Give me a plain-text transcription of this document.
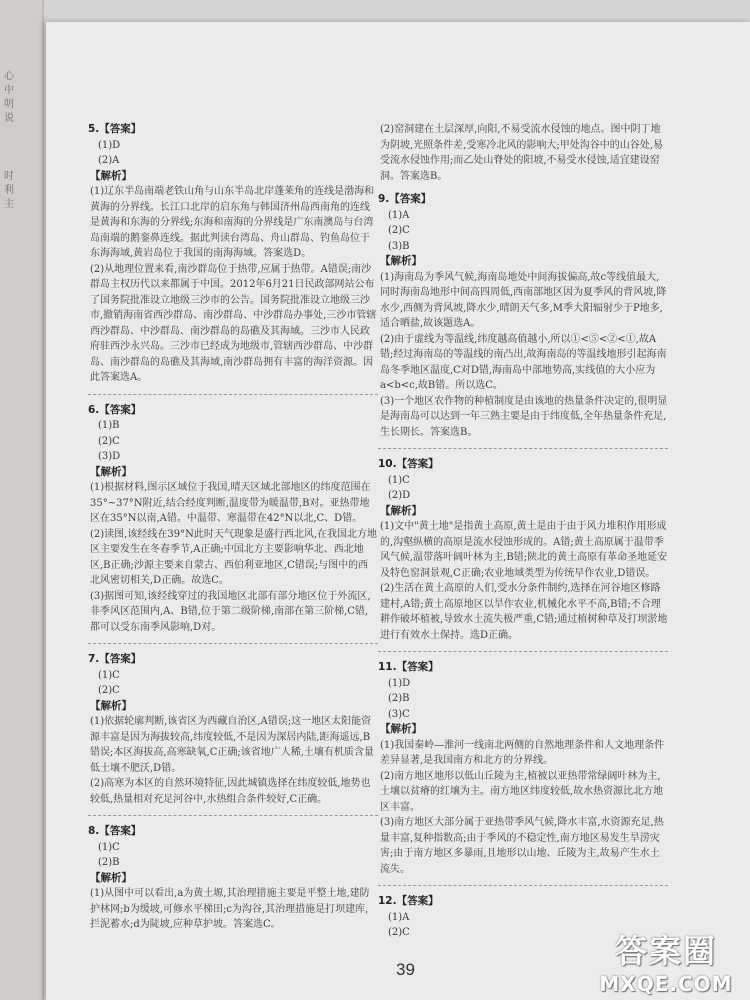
心
中
明
说
时
利
主
5.【答案】
(1)D
(2)A
【解析】
(1)辽东半岛南端老铁山角与山东半岛北岸蓬莱角的连线是渤海和黄海的分界线。长江口北岸的启东角与韩国济州岛西南角的连线是黄海和东海的分界线;东海和南海的分界线是广东南澳岛与台湾岛南端的鹅銮鼻连线。据此判读台湾岛、舟山群岛、钓鱼岛位于东海海域,黄岩岛位于我国的南海海域。答案选D。
(2)从地理位置来看,南沙群岛位于热带,应属于热带。A错误;南沙群岛主权历代以来都属于中国。2012年6月21日民政部网站公布了国务院批准设立地级三沙市的公告。国务院批准设立地级三沙市,撤销海南省西沙群岛、南沙群岛、中沙群岛办事处,三沙市管辖西沙群岛、中沙群岛、南沙群岛的岛礁及其海域。三沙市人民政府驻西沙永兴岛。三沙市已经成为地级市,管辖西沙群岛、中沙群岛、南沙群岛的岛礁及其海域,南沙群岛拥有丰富的海洋资源。因此答案选A。
6.【答案】
(1)B
(2)C
(3)D
【解析】
(1)根据材料,图示区域位于我国,晴天区域北部地区的纬度范围在35°~37°N附近,结合经度判断,温度带为暖温带,B对。亚热带地区在35°N以南,A错。中温带、寒温带在42°N以北,C、D错。
(2)读图,该经线在39°N此时天气现象是盛行西北风,在我国北方地区主要发生在冬春季节,A正确;中国北方主要影响华北、西北地区,B正确;沙源主要来自蒙古、西伯利亚地区,C错误;与图中的西北风密切相关,D正确。故选C。
(3)据图可知,该经线穿过的我国地区北部有部分地区位于外流区,非季风区范围内,A、B错,位于第二级阶梯,南部在第三阶梯,C错,都可以受东南季风影响,D对。
7.【答案】
(1)C
(2)C
【解析】
(1)依据轮廓判断,该省区为西藏自治区,A错误;这一地区太阳能资源丰富是因为海拔较高,纬度较低,不是因为深居内陆,距海遥远,B错误;本区海拔高,高寒缺氧,C正确;该省地广人稀,土壤有机质含量低土壤不肥沃,D错。
(2)高寒为本区的自然环境特征,因此城镇选择在纬度较低,地势也较低,热量相对充足河谷中,水热组合条件较好,C正确。
8.【答案】
(1)C
(2)B
【解析】
(1)从图中可以看出,a为黄土塬,其治理措施主要是平整土地,建防护林网;b为缓坡,可修水平梯田;c为沟谷,其治理措施是打坝建库,拦泥蓄水;d为陡坡,应种草护坡。答案选C。
(2)窑洞建在土层深厚,向阳,不易受流水侵蚀的地点。图中阴丁地为阴坡,光照条件差,受寒冷北风的影响大;甲处沟谷中的山谷处,易受流水侵蚀作用;而乙处山脊处的阳坡,不易受水侵蚀,适宜建设窑洞。答案选B。
9.【答案】
(1)A
(2)C
(3)B
【解析】
(1)海南岛为季风气候,海南岛地处中间海拔偏高,故c等线值最大,同时海南岛地形中间高四周低,西南部地区因为夏季风的背风坡,降水少,西侧为背风坡,降水少,晴朗天气多,M季大阳辐射少于P地多,适合晒盐,故该题选A。
(2)由于虚线为等温线,纬度越高值越小,所以①<⑤<②<①,故A错;经过海南岛的等温线的南凸出,故海南岛的等温线地形引起海南岛冬季地区温度,C对D错,海南岛中部地势高,实线值的大小应为a<b<c,故B错。所以选C。
(3)一个地区农作物的种植制度是由该地的热量条件决定的,很明显是海南岛可以达到一年三熟主要是由于纬度低,全年热量条件充足,生长期长。答案选B。
10.【答案】
(1)C
(2)D
【解析】
(1)文中"黄土地"是指黄土高原,黄土是由于由于风力堆积作用形成的,沟壑纵横的高原是流水侵蚀形成的。A错;黄土高原属于温带季风气候,温带落叶阔叶林为主,B错;陕北的黄土高原有革命圣地延安及特色窑洞景观,C正确;农业地域类型为传统早作农业,D错误。
(2)生活在黄土高原的人们,受水分条件制约,选择在河谷地区修路建村,A错;黄土高原地区以旱作农业,机械化水平不高,B错;不合理耕作破坏植被,导致水土流失极严重,C错;通过植树种草及打坝淤地进行有效水土保持。选D正确。
11.【答案】
(1)D
(2)B
(3)C
【解析】
(1)我国秦岭—淮河一线南北两侧的自然地理条件和人文地理条件差异显著,是我国南方和北方的分界线。
(2)南方地区地形以低山丘陵为主,植被以亚热带常绿阔叶林为主,土壤以贫瘠的红壤为主。南方地区纬度较低,故水热资源比北方地区丰富。
(3)南方地区大部分属于亚热带季风气候,降水丰富,水资源充足,热量丰富,复种指数高;由于季风的不稳定性,南方地区易发生旱涝灾害;由于南方地区多暴雨,且地形以山地、丘陵为主,故易产生水土流失。
12.【答案】
(1)A
(2)C
39	答案圈
MXQE.COM
